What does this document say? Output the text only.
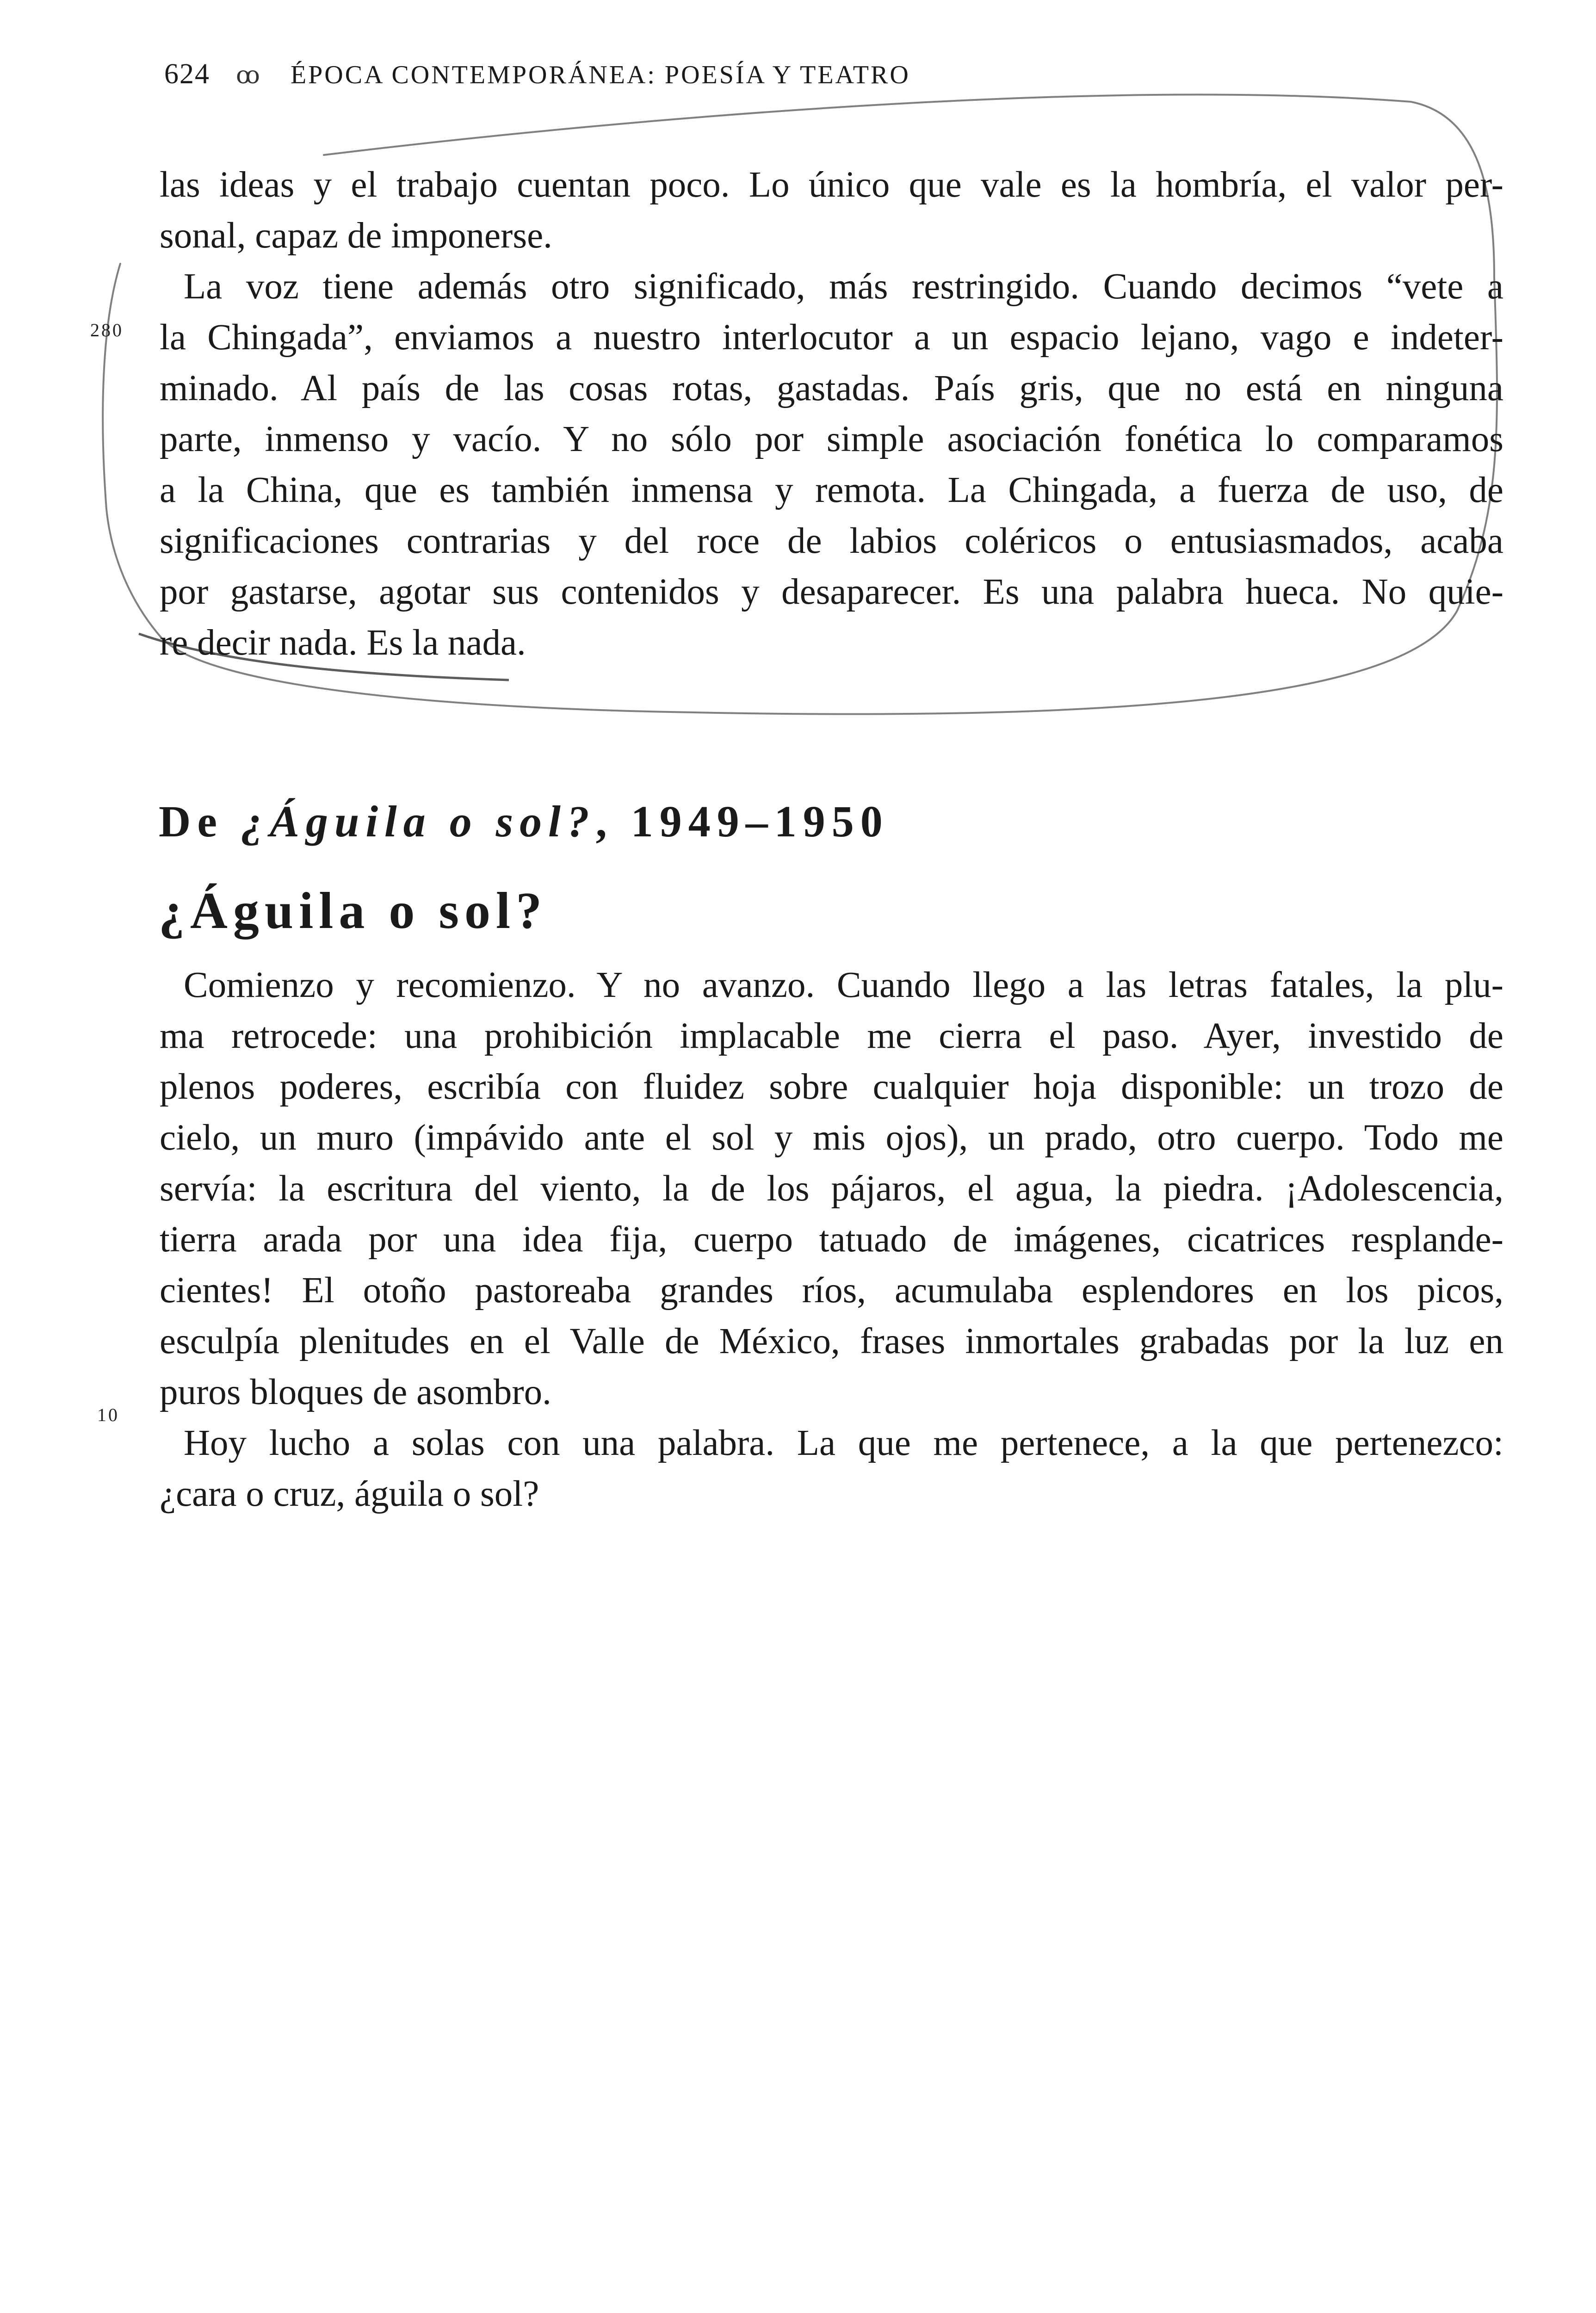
624 ꝏ ÉPOCA CONTEMPORÁNEA: POESÍA Y TEATRO
las ideas y el trabajo cuentan poco. Lo único que vale es la hombría, el valor per-
sonal, capaz de imponerse.
La voz tiene además otro significado, más restringido. Cuando decimos “vete a
la Chingada”, enviamos a nuestro interlocutor a un espacio lejano, vago e indeter-
minado. Al país de las cosas rotas, gastadas. País gris, que no está en ninguna
parte, inmenso y vacío. Y no sólo por simple asociación fonética lo comparamos
a la China, que es también inmensa y remota. La Chingada, a fuerza de uso, de
significaciones contrarias y del roce de labios coléricos o entusiasmados, acaba
por gastarse, agotar sus contenidos y desaparecer. Es una palabra hueca. No quie-
re decir nada. Es la nada.
280
De ¿Águila o sol?, 1949–1950
¿Águila o sol?
Comienzo y recomienzo. Y no avanzo. Cuando llego a las letras fatales, la plu-
ma retrocede: una prohibición implacable me cierra el paso. Ayer, investido de
plenos poderes, escribía con fluidez sobre cualquier hoja disponible: un trozo de
cielo, un muro (impávido ante el sol y mis ojos), un prado, otro cuerpo. Todo me
servía: la escritura del viento, la de los pájaros, el agua, la piedra. ¡Adolescencia,
tierra arada por una idea fija, cuerpo tatuado de imágenes, cicatrices resplande-
cientes! El otoño pastoreaba grandes ríos, acumulaba esplendores en los picos,
esculpía plenitudes en el Valle de México, frases inmortales grabadas por la luz en
puros bloques de asombro.
Hoy lucho a solas con una palabra. La que me pertenece, a la que pertenezco:
¿cara o cruz, águila o sol?
10
